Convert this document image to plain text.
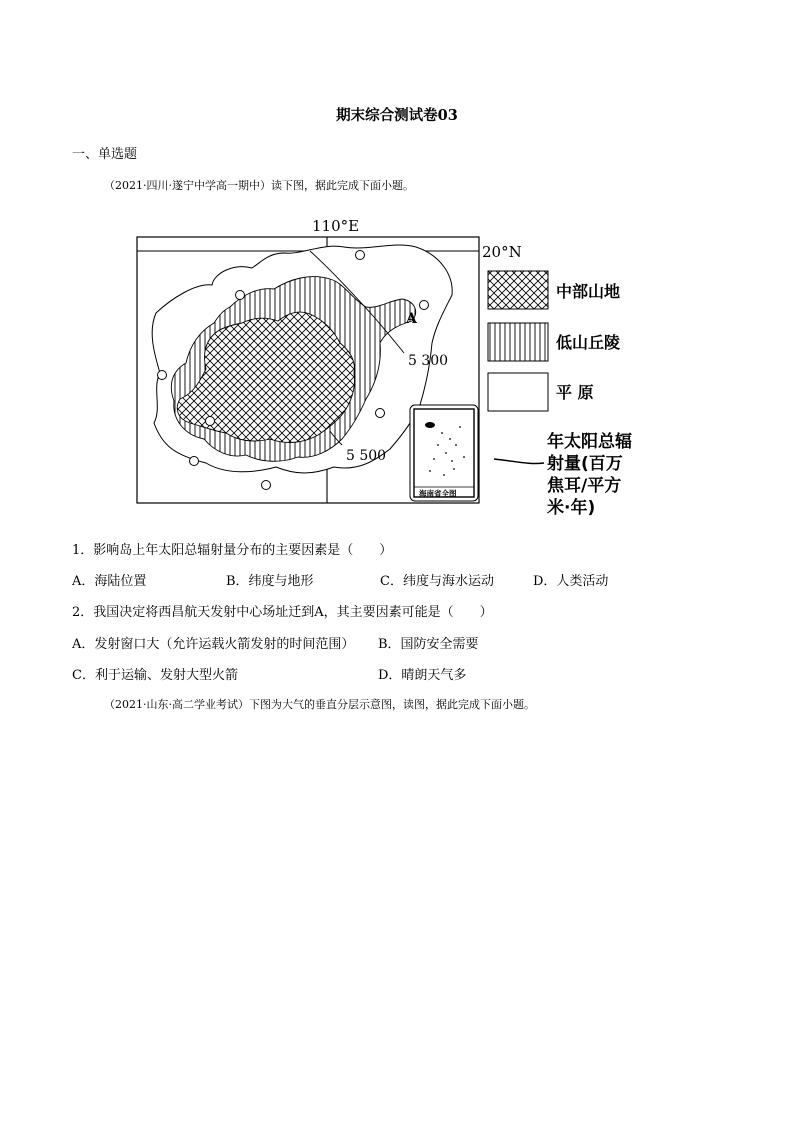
期末综合测试卷03
一、单选题
（2021·四川·遂宁中学高一期中）读下图，据此完成下面小题。
110°E
20°N
A
5 300
5 500
海南省全图
中部山地
低山丘陵
平 原
年太阳总辐
射量(百万
焦耳/平方
米·年)
1．影响岛上年太阳总辐射量分布的主要因素是（　　）
A．海陆位置	B．纬度与地形	C．纬度与海水运动	D．人类活动
2．我国决定将西昌航天发射中心场址迁到A，其主要因素可能是（　　）
A．发射窗口大（允许运载火箭发射的时间范围） B．国防安全需要
C．利于运输、发射大型火箭	D．晴朗天气多
（2021·山东·高二学业考试）下图为大气的垂直分层示意图，读图，据此完成下面小题。
